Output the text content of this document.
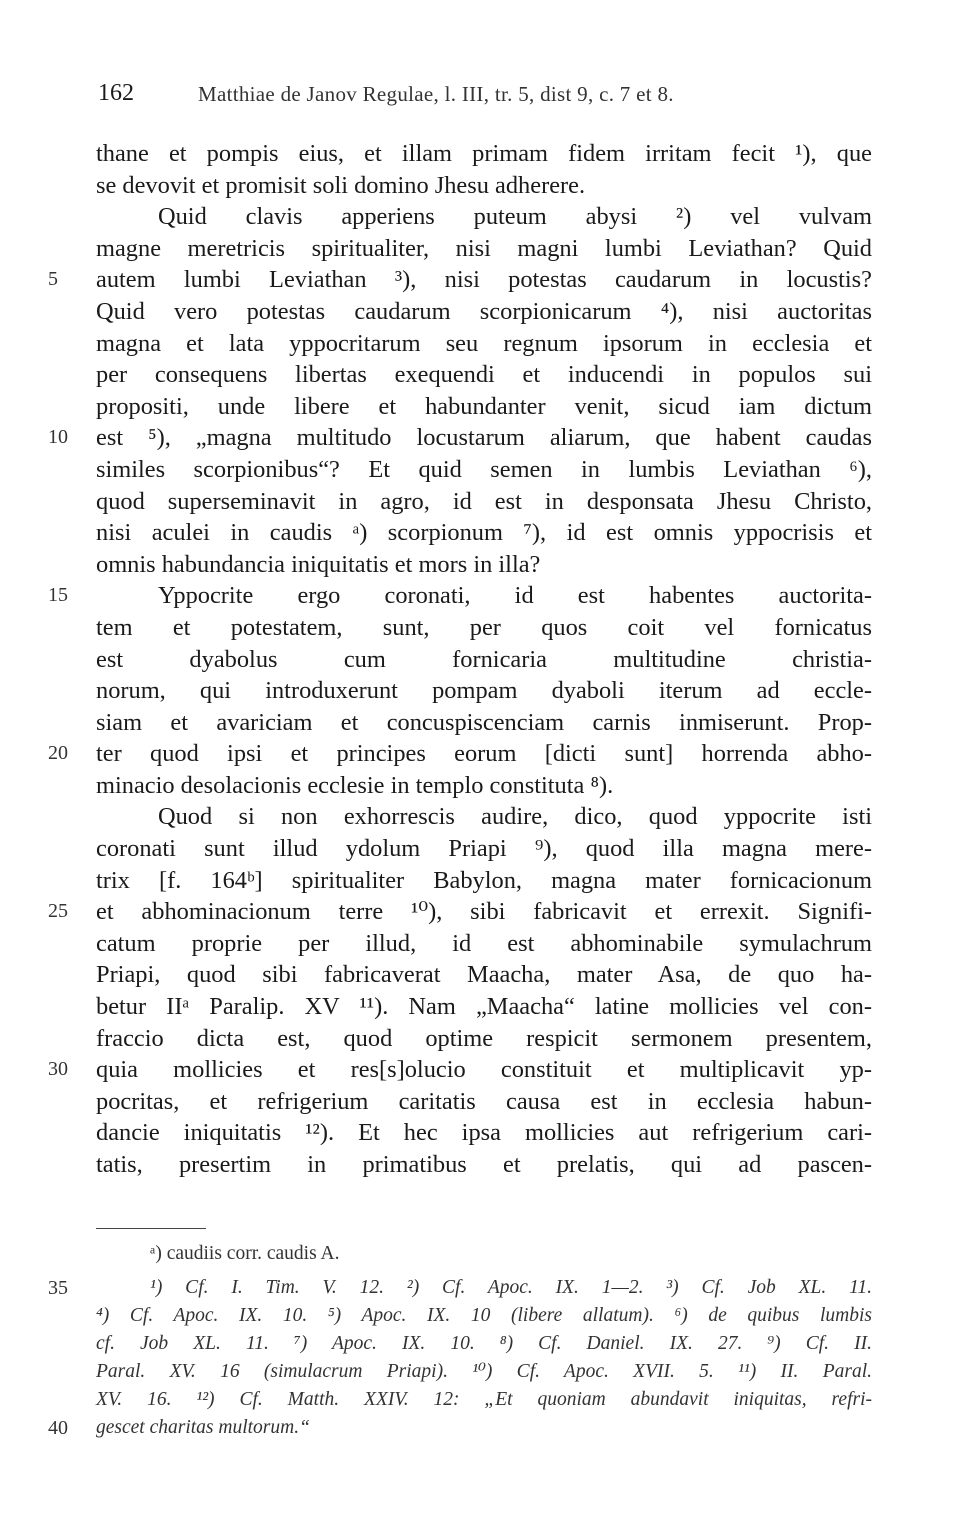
162	Matthiae de Janov Regulae, l. III, tr. 5, dist 9, c. 7 et 8.
thane et pompis eius, et illam primam fidem irritam fecit ¹), que
se devovit et promisit soli domino Jhesu adherere.
Quid clavis apperiens puteum abysi ²) vel vulvam
magne meretricis spiritualiter, nisi magni lumbi Leviathan? Quid
5	autem lumbi Leviathan ³), nisi potestas caudarum in locustis?
Quid vero potestas caudarum scorpionicarum ⁴), nisi auctoritas
magna et lata yppocritarum seu regnum ipsorum in ecclesia et
per consequens libertas exequendi et inducendi in populos sui
propositi, unde libere et habundanter venit, sicud iam dictum
10	est ⁵), „magna multitudo locustarum aliarum, que habent caudas
similes scorpionibus“? Et quid semen in lumbis Leviathan ⁶),
quod superseminavit in agro, id est in desponsata Jhesu Christo,
nisi aculei in caudis ᵃ) scorpionum ⁷), id est omnis yppocrisis et
omnis habundancia iniquitatis et mors in illa?
15	Yppocrite ergo coronati, id est habentes auctorita-
tem et potestatem, sunt, per quos coit vel fornicatus
est dyabolus cum fornicaria multitudine christia-
norum, qui introduxerunt pompam dyaboli iterum ad eccle-
siam et avariciam et concuspiscenciam carnis inmiserunt. Prop-
20	ter quod ipsi et principes eorum [dicti sunt] horrenda abho-
minacio desolacionis ecclesie in templo constituta ⁸).
Quod si non exhorrescis audire, dico, quod yppocrite isti
coronati sunt illud ydolum Priapi ⁹), quod illa magna mere-
trix [f. 164ᵇ] spiritualiter Babylon, magna mater fornicacionum
25	et abhominacionum terre ¹⁰), sibi fabricavit et errexit. Signifi-
catum proprie per illud, id est abhominabile symulachrum
Priapi, quod sibi fabricaverat Maacha, mater Asa, de quo ha-
betur IIᵃ Paralip. XV ¹¹). Nam „Maacha“ latine mollicies vel con-
fraccio dicta est, quod optime respicit sermonem presentem,
30	quia mollicies et res[s]olucio constituit et multiplicavit yp-
pocritas, et refrigerium caritatis causa est in ecclesia habun-
dancie iniquitatis ¹²). Et hec ipsa mollicies aut refrigerium cari-
tatis, presertim in primatibus et prelatis, qui ad pascen-
ᵃ) caudiis corr. caudis A.
35	¹) Cf. I. Tim. V. 12. ²) Cf. Apoc. IX. 1—2. ³) Cf. Job XL. 11.
⁴) Cf. Apoc. IX. 10. ⁵) Apoc. IX. 10 (libere allatum). ⁶) de quibus lumbis
cf. Job XL. 11. ⁷) Apoc. IX. 10. ⁸) Cf. Daniel. IX. 27. ⁹) Cf. II.
Paral. XV. 16 (simulacrum Priapi). ¹⁰) Cf. Apoc. XVII. 5. ¹¹) II. Paral.
XV. 16. ¹²) Cf. Matth. XXIV. 12: „Et quoniam abundavit iniquitas, refri-
40	gescet charitas multorum.“
